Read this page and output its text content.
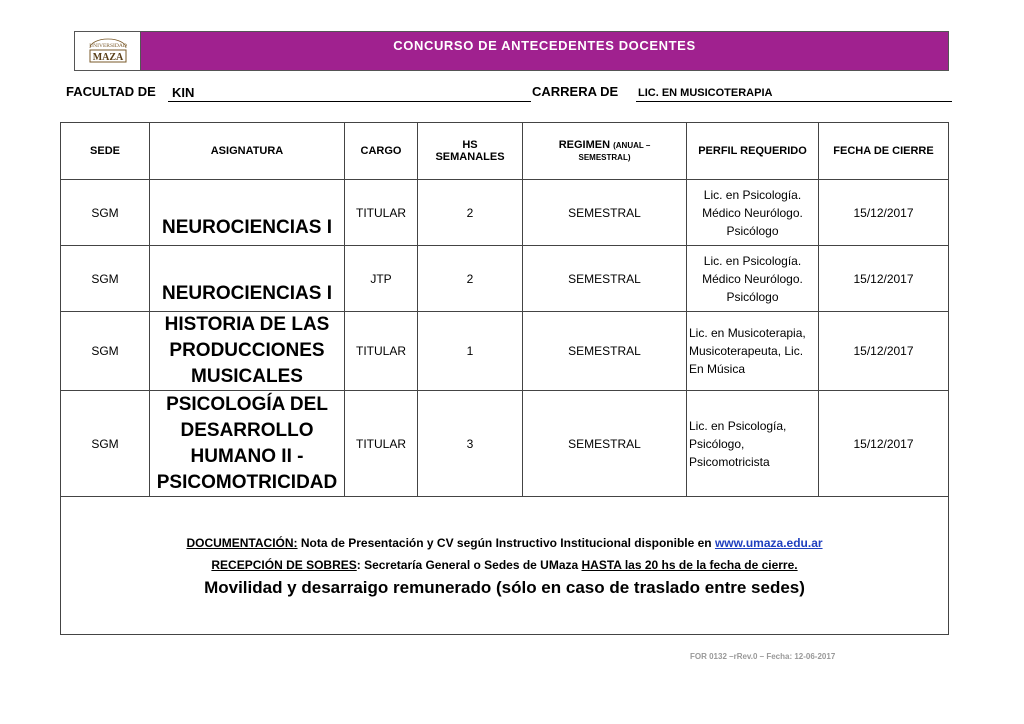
UNIVERSIDAD
MAZA
CONCURSO DE ANTECEDENTES DOCENTES
FACULTAD DE KIN	CARRERA DE LIC. EN MUSICOTERAPIA
SEDE	ASIGNATURA	CARGO	HS
SEMANALES	REGIMEN (ANUAL –
SEMESTRAL)	PERFIL REQUERIDO	FECHA DE CIERRE
SGM	NEUROCIENCIAS I	TITULAR	2	SEMESTRAL	Lic. en Psicología.
Médico Neurólogo.
Psicólogo	15/12/2017
SGM	NEUROCIENCIAS I	JTP	2	SEMESTRAL	Lic. en Psicología.
Médico Neurólogo.
Psicólogo	15/12/2017
SGM	HISTORIA DE LAS
PRODUCCIONES
MUSICALES	TITULAR	1	SEMESTRAL	Lic. en Musicoterapia,
Musicoterapeuta, Lic.
En Música	15/12/2017
SGM	PSICOLOGÍA DEL
DESARROLLO
HUMANO II -
PSICOMOTRICIDAD	TITULAR	3	SEMESTRAL	Lic. en Psicología,
Psicólogo,
Psicomotricista	15/12/2017

DOCUMENTACIÓN: Nota de Presentación y CV según Instructivo Institucional disponible en www.umaza.edu.ar
RECEPCIÓN DE SOBRES: Secretaría General o Sedes de UMaza HASTA las 20 hs de la fecha de cierre.
Movilidad y desarraigo remunerado (sólo en caso de traslado entre sedes)						
FOR 0132 –rRev.0 – Fecha: 12-06-2017
